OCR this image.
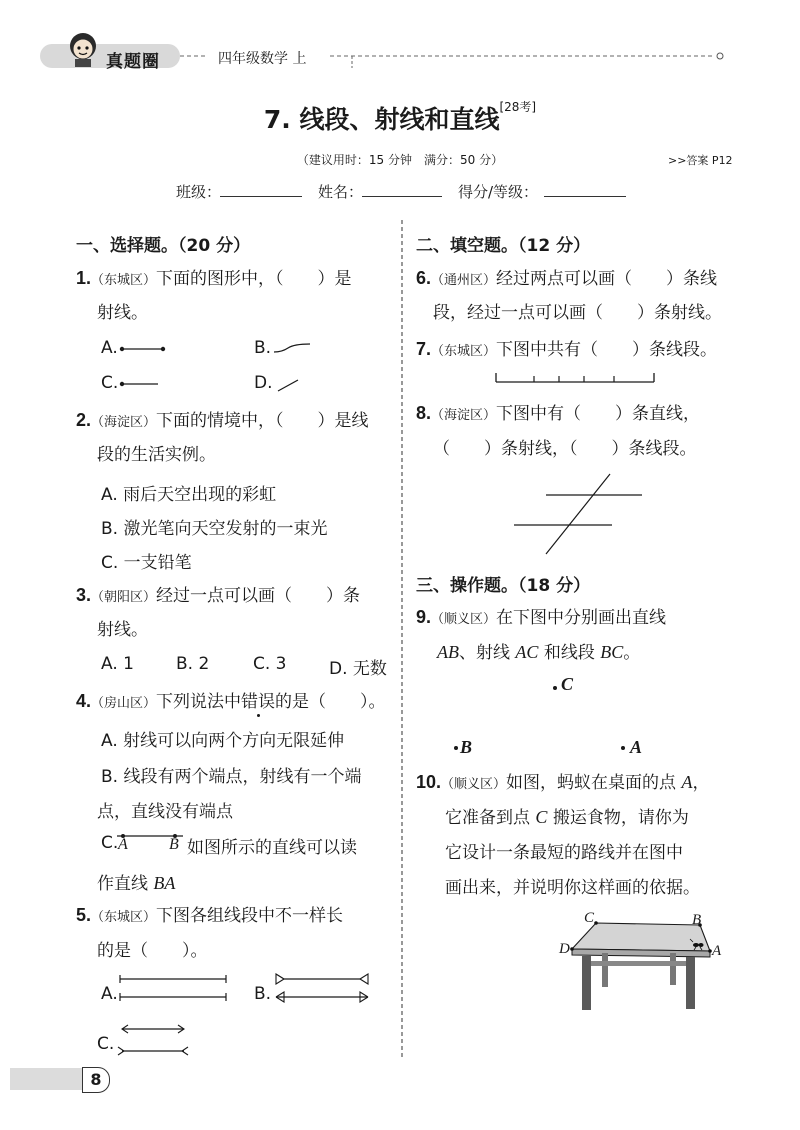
真题圈	四年级数学 上
7. 线段、射线和直线[28考]
（建议用时：15 分钟　满分：50 分）	>>答案 P12
班级：	姓名：	得分/等级：
一、选择题。（20 分）
1.（东城区）下面的图形中，（　　）是
射线。
A.	B.
C.	D.
2.（海淀区）下面的情境中，（　　）是线
段的生活实例。
A. 雨后天空出现的彩虹
B. 激光笔向天空发射的一束光
C. 一支铅笔
3.（朝阳区）经过一点可以画（　　）条
射线。
A. 1 B. 2	C. 3	D. 无数
4.（房山区）下列说法中错误的是（　　）。
A. 射线可以向两个方向无限延伸
B. 线段有两个端点，射线有一个端
点，直线没有端点
C. A	B 如图所示的直线可以读
作直线 BA
5.（东城区）下图各组线段中不一样长
的是（　　）。
A.	B.
C.
二、填空题。（12 分）
6.（通州区）经过两点可以画（　　）条线
段，经过一点可以画（　　）条射线。
7.（东城区）下图中共有（　　）条线段。
8.（海淀区）下图中有（　　）条直线，
（　　）条射线，（　　）条线段。
三、操作题。（18 分）
9.（顺义区）在下图中分别画出直线
AB、射线 AC 和线段 BC。
C
B	A
10.（顺义区）如图，蚂蚁在桌面的点 A，
它准备到点 C 搬运食物，请你为
它设计一条最短的路线并在图中
画出来，并说明你这样画的依据。
C	B
D	A
8
